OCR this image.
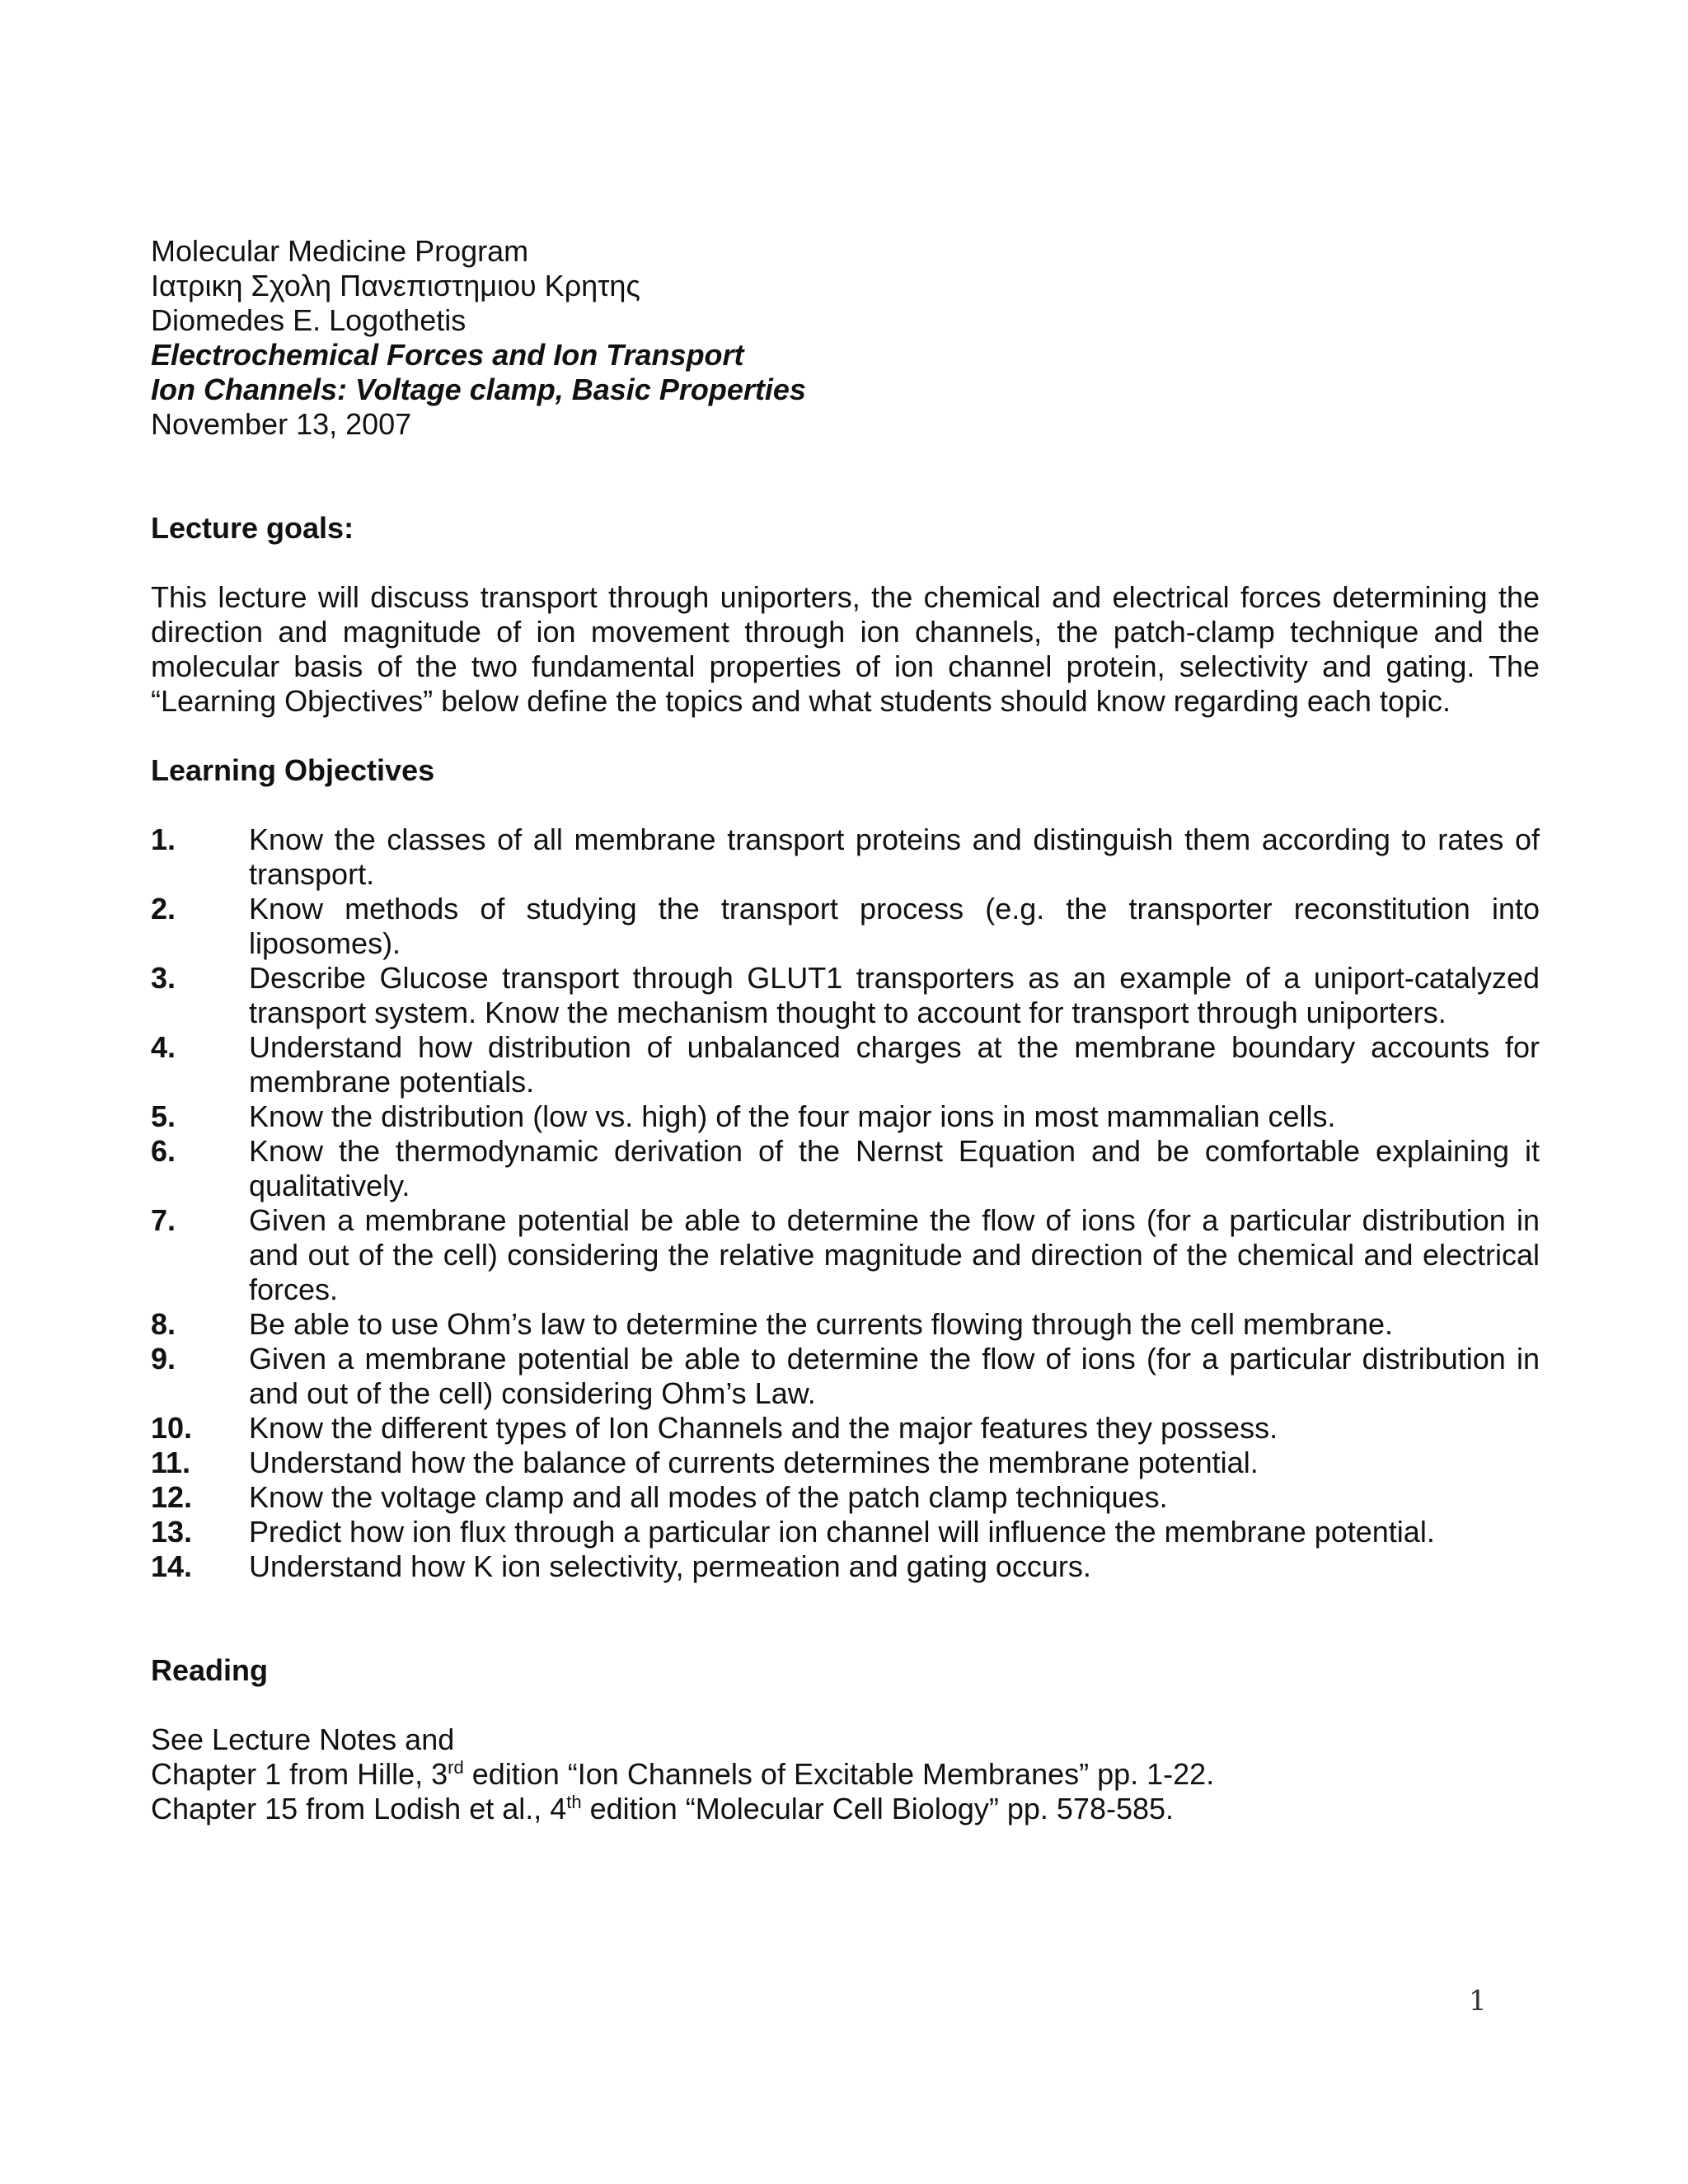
Molecular Medicine Program
Ιατρικη Σχολη Πανεπιστημιου Κρητης
Diomedes E. Logothetis
Electrochemical Forces and Ion Transport
Ion Channels: Voltage clamp, Basic Properties
November 13, 2007

Lecture goals:

This lecture will discuss transport through uniporters, the chemical and electrical forces determining the direction and magnitude of ion movement through ion channels, the patch-clamp technique and the molecular basis of the two fundamental properties of ion channel protein, selectivity and gating. The “Learning Objectives” below define the topics and what students should know regarding each topic.

Learning Objectives

1. Know the classes of all membrane transport proteins and distinguish them according to rates of transport.
2. Know methods of studying the transport process (e.g. the transporter reconstitution into liposomes).
3. Describe Glucose transport through GLUT1 transporters as an example of a uniport-catalyzed transport system. Know the mechanism thought to account for transport through uniporters.
4. Understand how distribution of unbalanced charges at the membrane boundary accounts for membrane potentials.
5. Know the distribution (low vs. high) of the four major ions in most mammalian cells.
6. Know the thermodynamic derivation of the Nernst Equation and be comfortable explaining it qualitatively.
7. Given a membrane potential be able to determine the flow of ions (for a particular distribution in and out of the cell) considering the relative magnitude and direction of the chemical and electrical forces.
8. Be able to use Ohm’s law to determine the currents flowing through the cell membrane.
9. Given a membrane potential be able to determine the flow of ions (for a particular distribution in and out of the cell) considering Ohm’s Law.
10. Know the different types of Ion Channels and the major features they possess.
11. Understand how the balance of currents determines the membrane potential.
12. Know the voltage clamp and all modes of the patch clamp techniques.
13. Predict how ion flux through a particular ion channel will influence the membrane potential.
14. Understand how K ion selectivity, permeation and gating occurs.

Reading

See Lecture Notes and
Chapter 1 from Hille, 3rd edition “Ion Channels of Excitable Membranes” pp. 1-22.
Chapter 15 from Lodish et al., 4th edition “Molecular Cell Biology” pp. 578-585.
1
